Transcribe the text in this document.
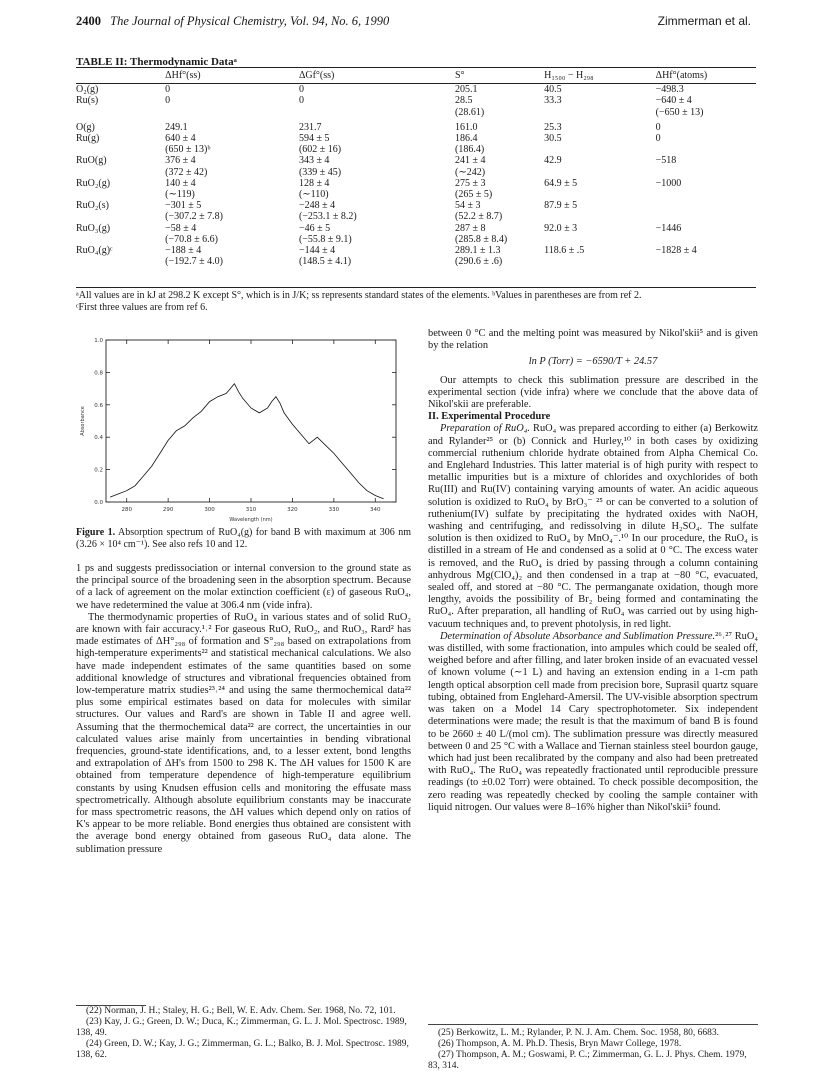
2400 The Journal of Physical Chemistry, Vol. 94, No. 6, 1990	Zimmerman et al.
TABLE II: Thermodynamic Dataᵃ
	ΔHf°(ss)	ΔGf°(ss)	S°	H₁₅₀₀ − H₂₉₈	ΔHf°(atoms)
O₂(g)	0	0	205.1	40.5	−498.3
Ru(s)	0	0	28.5	33.3	−640 ± 4
			(28.61)		(−650 ± 13)

O(g)	249.1	231.7	161.0	25.3	0
Ru(g)	640 ± 4	594 ± 5	186.4	30.5	0
	(650 ± 13)ᵇ	(602 ± 16)	(186.4)		
RuO(g)	376 ± 4	343 ± 4	241 ± 4	42.9	−518
	(372 ± 42)	(339 ± 45)	(∼242)		
RuO₂(g)	140 ± 4	128 ± 4	275 ± 3	64.9 ± 5	−1000
	(∼119)	(∼110)	(265 ± 5)		
RuO₂(s)	−301 ± 5	−248 ± 4	54 ± 3	87.9 ± 5	
	(−307.2 ± 7.8)	(−253.1 ± 8.2)	(52.2 ± 8.7)		
RuO₃(g)	−58 ± 4	−46 ± 5	287 ± 8	92.0 ± 3	−1446
	(−70.8 ± 6.6)	(−55.8 ± 9.1)	(285.8 ± 8.4)		
RuO₄(g)ᶜ	−188 ± 4	−144 ± 4	289.1 ± 1.3	118.6 ± .5	−1828 ± 4
	(−192.7 ± 4.0)	(148.5 ± 4.1)	(290.6 ± .6)		
ᵃAll values are in kJ at 298.2 K except S°, which is in J/K; ss represents standard states of the elements. ᵇValues in parentheses are from ref 2.
ᶜFirst three values are from ref 6.
0.0
0.2
0.4
0.6
0.8
1.0
280	290	300	310	320	330	340
Wavelength (nm)
Absorbance
Figure 1. Absorption spectrum of RuO₄(g) for band B with maximum at 306 nm (3.26 × 10⁴ cm⁻¹). See also refs 10 and 12.

1 ps and suggests predissociation or internal conversion to the ground state as the principal source of the broadening seen in the absorption spectrum. Because of a lack of agreement on the molar extinction coefficient (ε) of gaseous RuO₄, we have redetermined the value at 306.4 nm (vide infra).

The thermodynamic properties of RuO₄ in various states and of solid RuO₂ are known with fair accuracy.¹˒² For gaseous RuO, RuO₂, and RuO₃, Rard² has made estimates of ΔH°₂₉₈ of formation and S°₂₉₈ based on extrapolations from high-temperature experiments²² and statistical mechanical calculations. We also have made independent estimates of the same quantities based on some additional knowledge of structures and vibrational frequencies obtained from low-temperature matrix studies²³˒²⁴ and using the same thermochemical data²² plus some empirical estimates based on data for molecules with similar structures. Our values and Rard's are shown in Table II and agree well. Assuming that the thermochemical data²² are correct, the uncertainties in our calculated values arise mainly from uncertainties in bending vibrational frequencies, ground-state identifications, and, to a lesser extent, bond lengths and extrapolation of ΔH's from 1500 to 298 K. The ΔH values for 1500 K are obtained from temperature dependence of high-temperature equilibrium constants by using Knudsen effusion cells and monitoring the effusate mass spectrometrically. Although absolute equilibrium constants may be inaccurate for mass spectrometric reasons, the ΔH values which depend only on ratios of K's appear to be more reliable. Bond energies thus obtained are consistent with the average bond energy obtained from gaseous RuO₄ data alone. The sublimation pressure

(22) Norman, J. H.; Staley, H. G.; Bell, W. E. Adv. Chem. Ser. 1968, No. 72, 101.

(23) Kay, J. G.; Green, D. W.; Duca, K.; Zimmerman, G. L. J. Mol. Spectrosc. 1989, 138, 49.

(24) Green, D. W.; Kay, J. G.; Zimmerman, G. L.; Balko, B. J. Mol. Spectrosc. 1989, 138, 62.

between 0 °C and the melting point was measured by Nikol'skii⁵ and is given by the relation

ln P (Torr) = −6590/T + 24.57

Our attempts to check this sublimation pressure are described in the experimental section (vide infra) where we conclude that the above data of Nikol'skii are preferable.

II. Experimental Procedure

Preparation of RuO₄. RuO₄ was prepared according to either (a) Berkowitz and Rylander²⁵ or (b) Connick and Hurley,¹⁰ in both cases by oxidizing commercial ruthenium chloride hydrate obtained from Alpha Chemical Co. and Englehard Industries. This latter material is of high purity with respect to metallic impurities but is a mixture of chlorides and oxychlorides of both Ru(III) and Ru(IV) containing varying amounts of water. An acidic aqueous solution is oxidized to RuO₄ by BrO₃⁻ ²⁵ or can be converted to a solution of ruthenium(IV) sulfate by precipitating the hydrated oxides with NaOH, washing and centrifuging, and redissolving in dilute H₂SO₄. The sulfate solution is then oxidized to RuO₄ by MnO₄⁻.¹⁰ In our procedure, the RuO₄ is distilled in a stream of He and condensed as a solid at 0 °C. The excess water is removed, and the RuO₄ is dried by passing through a column containing anhydrous Mg(ClO₄)₂ and then condensed in a trap at −80 °C, evacuated, sealed off, and stored at −80 °C. The permanganate oxidation, though more lengthy, avoids the possibility of Br₂ being formed and contaminating the RuO₄. After preparation, all handling of RuO₄ was carried out by using high-vacuum techniques and, to prevent photolysis, in red light.

Determination of Absolute Absorbance and Sublimation Pressure.²⁶˒²⁷ RuO₄ was distilled, with some fractionation, into ampules which could be sealed off, weighed before and after filling, and later broken inside of an evacuated vessel of known volume (∼1 L) and having an extension ending in a 1-cm path length optical absorption cell made from precision bore, Suprasil quartz square tubing, obtained from Englehard-Amersil. The UV-visible absorption spectrum was taken on a Model 14 Cary spectrophotometer. Six independent determinations were made; the result is that the maximum of band B is found to be 2660 ± 40 L/(mol cm). The sublimation pressure was directly measured between 0 and 25 °C with a Wallace and Tiernan stainless steel bourdon gauge, which had just been recalibrated by the company and also had been pretreated with RuO₄. The RuO₄ was repeatedly fractionated until reproducible pressure readings (to ±0.02 Torr) were obtained. To check possible decomposition, the zero reading was repeatedly checked by cooling the sample container with liquid nitrogen. Our values were 8–16% higher than Nikol'skii⁵ found.

(25) Berkowitz, L. M.; Rylander, P. N. J. Am. Chem. Soc. 1958, 80, 6683.

(26) Thompson, A. M. Ph.D. Thesis, Bryn Mawr College, 1978.

(27) Thompson, A. M.; Goswami, P. C.; Zimmerman, G. L. J. Phys. Chem. 1979, 83, 314.
